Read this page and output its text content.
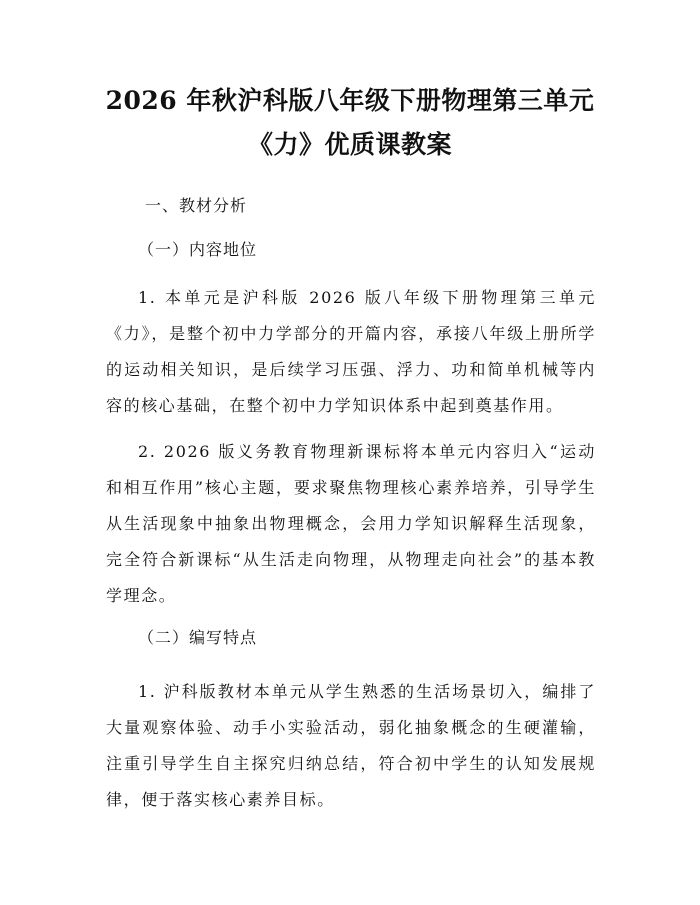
2026 年秋沪科版八年级下册物理第三单元
《力》优质课教案
一、教材分析
（一）内容地位
1. 本单元是沪科版 2026 版八年级下册物理第三单元《力》，是整个初中力学部分的开篇内容，承接八年级上册所学的运动相关知识，是后续学习压强、浮力、功和简单机械等内容的核心基础，在整个初中力学知识体系中起到奠基作用。
2. 2026 版义务教育物理新课标将本单元内容归入“运动和相互作用”核心主题，要求聚焦物理核心素养培养，引导学生从生活现象中抽象出物理概念，会用力学知识解释生活现象，完全符合新课标“从生活走向物理，从物理走向社会”的基本教学理念。
（二）编写特点
1. 沪科版教材本单元从学生熟悉的生活场景切入，编排了大量观察体验、动手小实验活动，弱化抽象概念的生硬灌输，注重引导学生自主探究归纳总结，符合初中学生的认知发展规律，便于落实核心素养目标。
